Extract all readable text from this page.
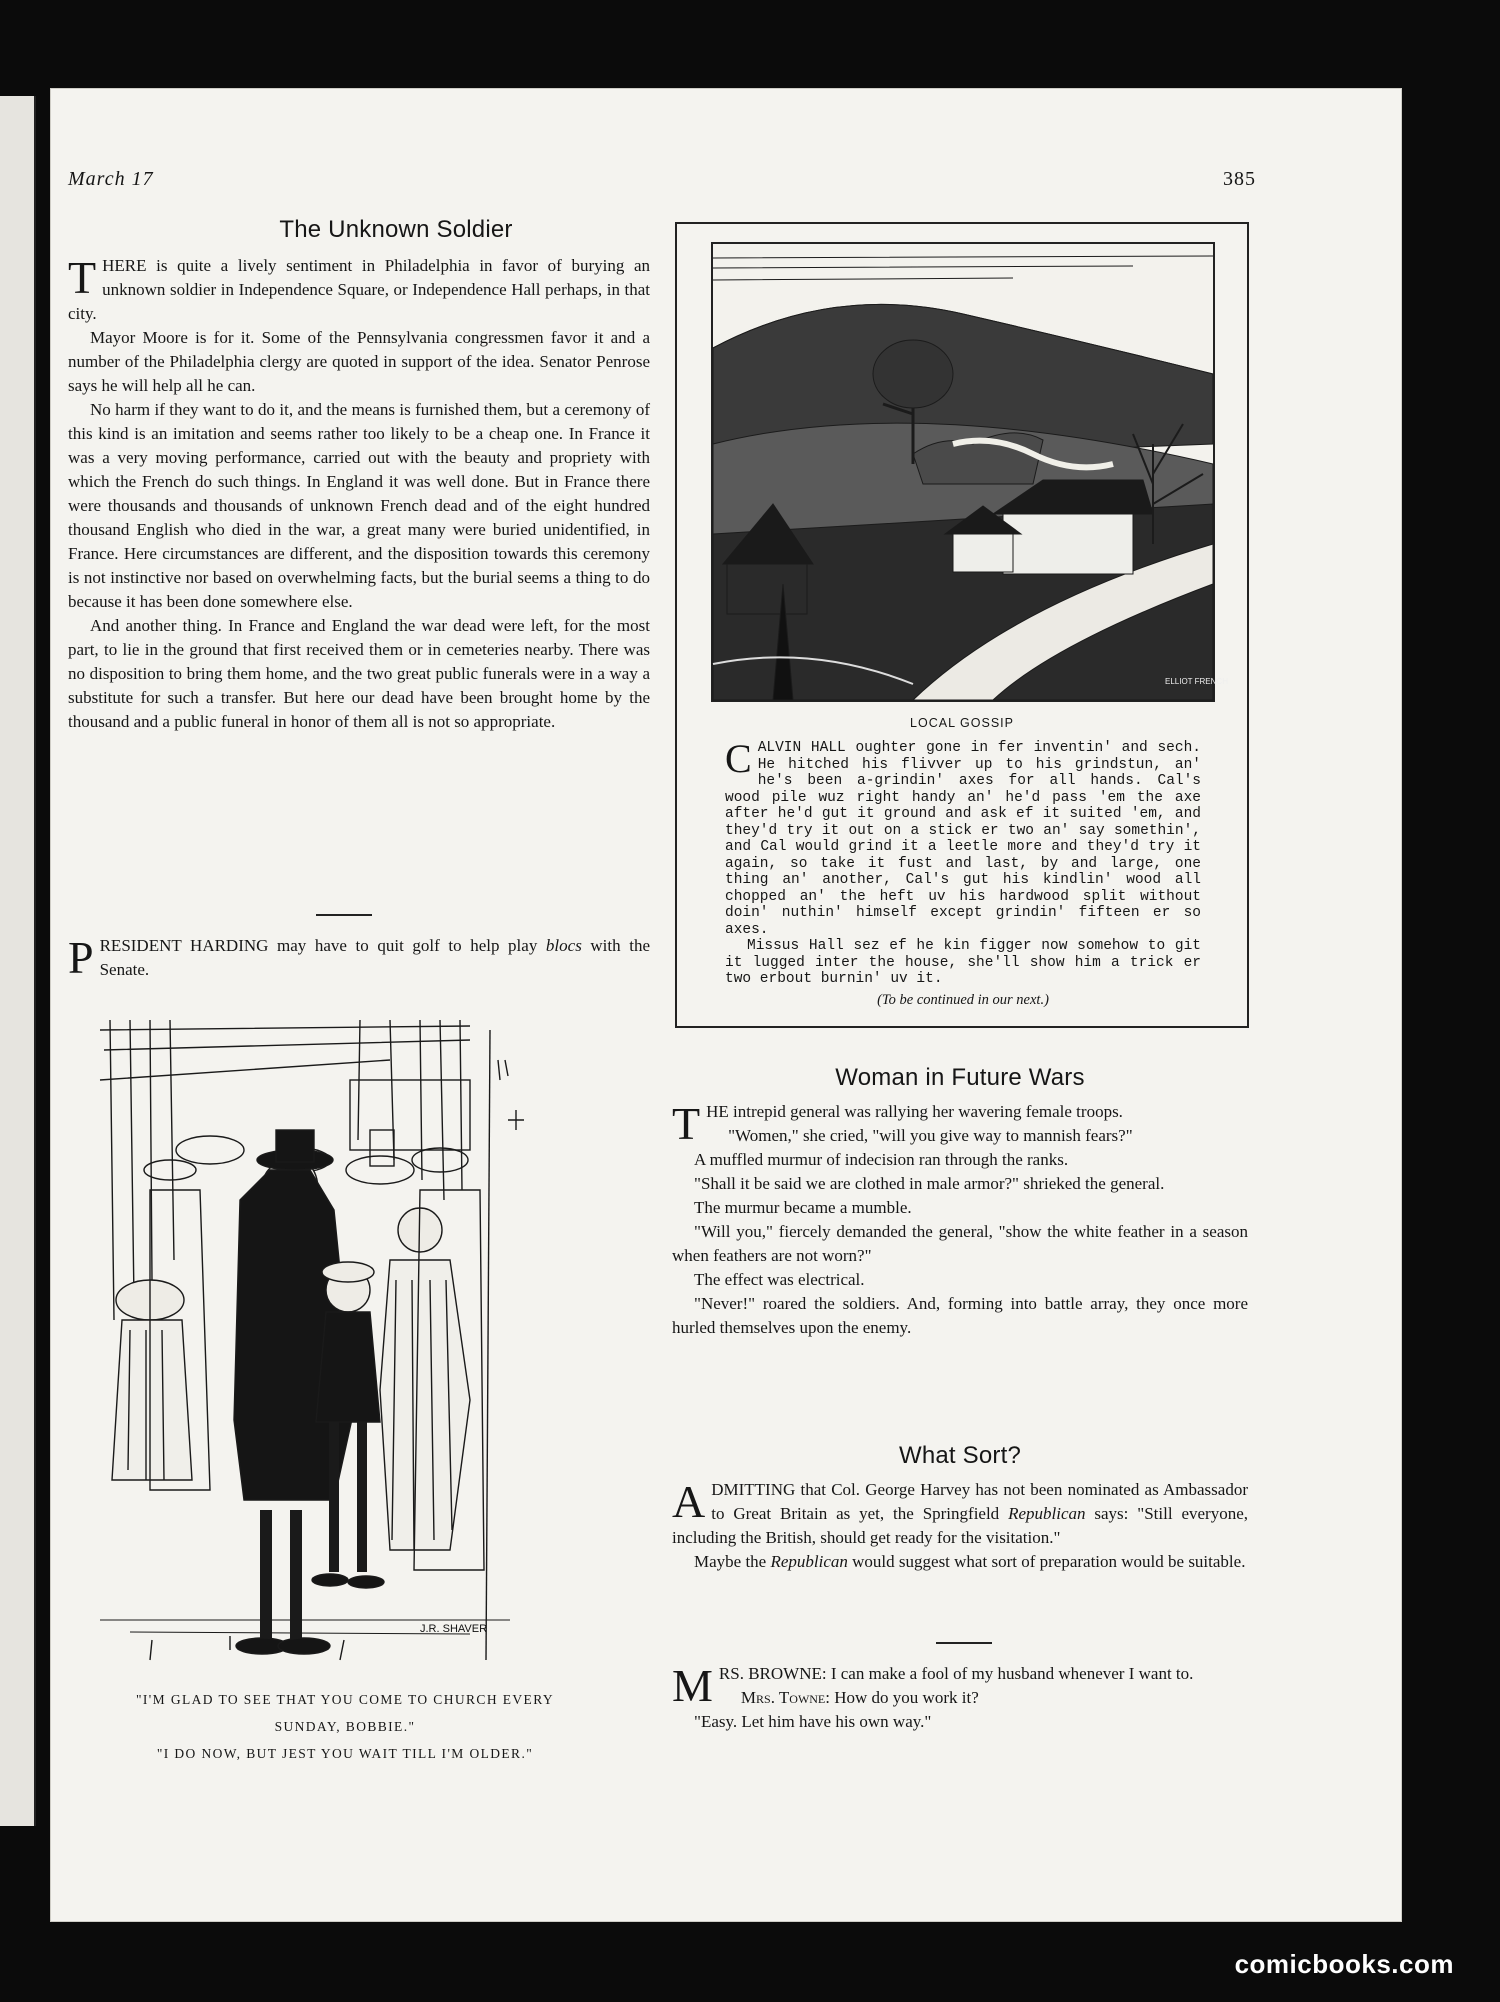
March 17	385
The Unknown Soldier

THERE is quite a lively sentiment in Philadelphia in favor of burying an unknown soldier in Independence Square, or Independence Hall perhaps, in that city.

Mayor Moore is for it. Some of the Pennsylvania congressmen favor it and a number of the Philadelphia clergy are quoted in support of the idea. Senator Penrose says he will help all he can.

No harm if they want to do it, and the means is furnished them, but a ceremony of this kind is an imitation and seems rather too likely to be a cheap one. In France it was a very moving performance, carried out with the beauty and propriety with which the French do such things. In England it was well done. But in France there were thousands and thousands of unknown French dead and of the eight hundred thousand English who died in the war, a great many were buried unidentified, in France. Here circumstances are different, and the disposition towards this ceremony is not instinctive nor based on overwhelming facts, but the burial seems a thing to do because it has been done somewhere else.

And another thing. In France and England the war dead were left, for the most part, to lie in the ground that first received them or in cemeteries nearby. There was no disposition to bring them home, and the two great public funerals were in a way a substitute for such a transfer. But here our dead have been brought home by the thousand and a public funeral in honor of them all is not so appropriate.

PRESIDENT HARDING may have to quit golf to help play blocs with the Senate.

J.R. SHAVER
"I'M GLAD TO SEE THAT YOU COME TO CHURCH EVERY
SUNDAY, BOBBIE."
"I DO NOW, BUT JEST YOU WAIT TILL I'M OLDER."
ELLIOT FRENCH
LOCAL GOSSIP

CALVIN HALL oughter gone in fer inventin' and sech. He hitched his flivver up to his grindstun, an' he's been a-grindin' axes for all hands. Cal's wood pile wuz right handy an' he'd pass 'em the axe after he'd gut it ground and ask ef it suited 'em, and they'd try it out on a stick er two an' say somethin', and Cal would grind it a leetle more and they'd try it again, so take it fust and last, by and large, one thing an' another, Cal's gut his kindlin' wood all chopped an' the heft uv his hardwood split without doin' nuthin' himself except grindin' fifteen er so axes.

Missus Hall sez ef he kin figger now somehow to git it lugged inter the house, she'll show him a trick er two erbout burnin' uv it.

(To be continued in our next.)
Woman in Future Wars

THE intrepid general was rallying her wavering female troops.

"Women," she cried, "will you give way to mannish fears?"

A muffled murmur of indecision ran through the ranks.

"Shall it be said we are clothed in male armor?" shrieked the general.

The murmur became a mumble.

"Will you," fiercely demanded the general, "show the white feather in a season when feathers are not worn?"

The effect was electrical.

"Never!" roared the soldiers. And, forming into battle array, they once more hurled themselves upon the enemy.

What Sort?

ADMITTING that Col. George Harvey has not been nominated as Ambassador to Great Britain as yet, the Springfield Republican says: "Still everyone, including the British, should get ready for the visitation."

Maybe the Republican would suggest what sort of preparation would be suitable.

MRS. BROWNE: I can make a fool of my husband whenever I want to.

Mrs. Towne: How do you work it?

"Easy. Let him have his own way."

comicbooks.com
